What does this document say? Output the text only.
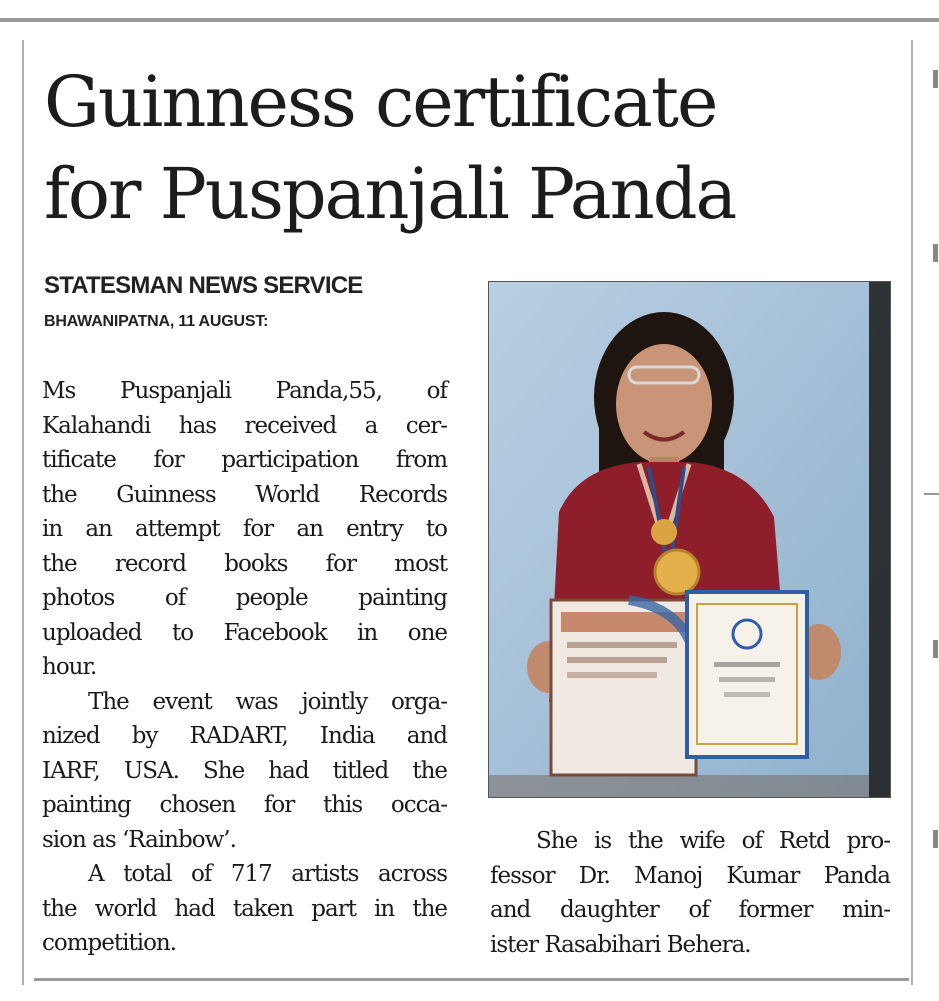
Guinness certificate
for Puspanjali Panda
STATESMAN NEWS SERVICE
BHAWANIPATNA, 11 AUGUST:
Ms Puspanjali Panda,55, of
Kalahandi has received a cer-
tificate for participation from
the Guinness World Records
in an attempt for an entry to
the record books for most
photos of people painting
uploaded to Facebook in one
hour.
The event was jointly orga-
nized by RADART, India and
IARF, USA. She had titled the
painting chosen for this occa-
sion as ‘Rainbow’.
A total of 717 artists across
the world had taken part in the
competition.
She is the wife of Retd pro-
fessor Dr. Manoj Kumar Panda
and daughter of former min-
ister Rasabihari Behera.
